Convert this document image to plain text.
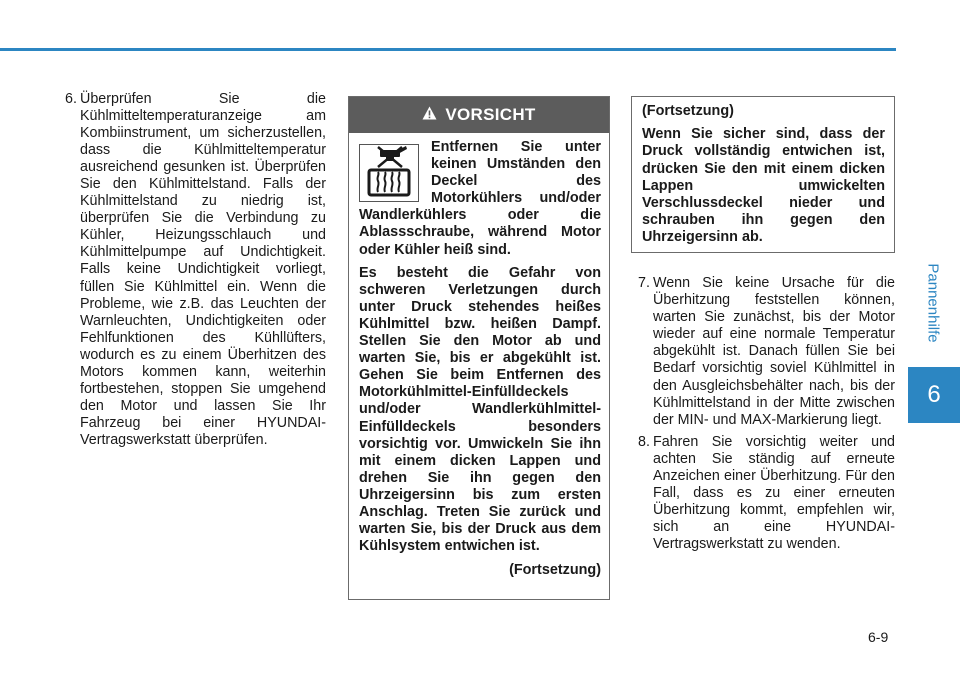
Pannenhilfe
6
6. Überprüfen Sie die Kühlmitteltemperaturanzeige am Kombiinstrument, um sicherzustellen, dass die Kühlmitteltemperatur ausreichend gesunken ist. Überprüfen Sie den Kühlmittelstand. Falls der Kühlmittelstand zu niedrig ist, überprüfen Sie die Verbindung zu Kühler, Heizungsschlauch und Kühlmittelpumpe auf Undichtigkeit. Falls keine Undichtigkeit vorliegt, füllen Sie Kühlmittel ein. Wenn die Probleme, wie z.B. das Leuchten der Warnleuchten, Undichtigkeiten oder Fehlfunktionen des Kühllüfters, wodurch es zu einem Überhitzen des Motors kommen kann, weiterhin fortbestehen, stoppen Sie umgehend den Motor und lassen Sie Ihr Fahrzeug bei einer HYUNDAI-Vertragswerkstatt überprüfen.
VORSICHT

Entfernen Sie unter keinen Umständen den Deckel des Motorkühlers und/oder Wandlerkühlers oder die Ablassschraube, während Motor oder Kühler heiß sind.

Es besteht die Gefahr von schweren Verletzungen durch unter Druck stehendes heißes Kühlmittel bzw. heißen Dampf. Stellen Sie den Motor ab und warten Sie, bis er abgekühlt ist. Gehen Sie beim Entfernen des Motorkühlmittel-Einfülldeckels und/oder Wandlerkühlmittel-Einfülldeckels besonders vorsichtig vor. Umwickeln Sie ihn mit einem dicken Lappen und drehen Sie ihn gegen den Uhrzeigersinn bis zum ersten Anschlag. Treten Sie zurück und warten Sie, bis der Druck aus dem Kühlsystem entwichen ist.

(Fortsetzung)
(Fortsetzung)
Wenn Sie sicher sind, dass der Druck vollständig entwichen ist, drücken Sie den mit einem dicken Lappen umwickelten Verschlussdeckel nieder und schrauben ihn gegen den Uhrzeigersinn ab.
7. Wenn Sie keine Ursache für die Überhitzung feststellen können, warten Sie zunächst, bis der Motor wieder auf eine normale Temperatur abgekühlt ist. Danach füllen Sie bei Bedarf vorsichtig soviel Kühlmittel in den Ausgleichsbehälter nach, bis der Kühlmittelstand in der Mitte zwischen der MIN- und MAX-Markierung liegt.
8. Fahren Sie vorsichtig weiter und achten Sie ständig auf erneute Anzeichen einer Überhitzung. Für den Fall, dass es zu einer erneuten Überhitzung kommt, empfehlen wir, sich an eine HYUNDAI-Vertragswerkstatt zu wenden.
6-9
